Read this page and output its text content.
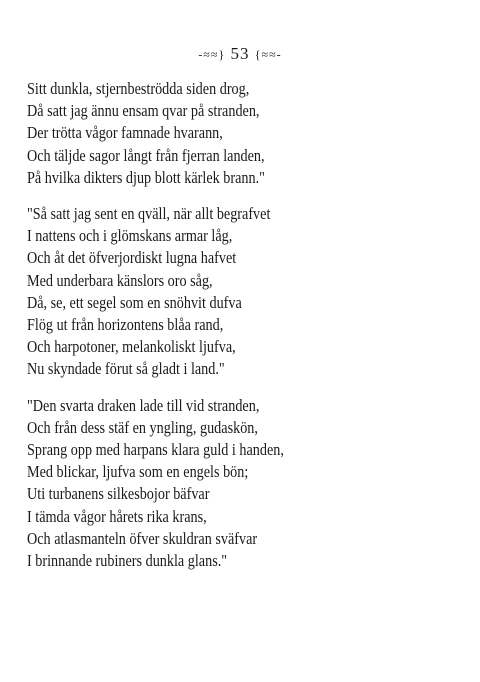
-≈≈} 53 {≈≈-
Sitt dunkla, stjernbeströdda siden drog,
Då satt jag ännu ensam qvar på stranden,
Der trötta vågor famnade hvarann,
Och täljde sagor långt från fjerran landen,
På hvilka dikters djup blott kärlek brann."
"Så satt jag sent en qväll, när allt begrafvet
I nattens och i glömskans armar låg,
Och åt det öfverjordiskt lugna hafvet
Med underbara känslors oro såg,
Då, se, ett segel som en snöhvit dufva
Flög ut från horizontens blåa rand,
Och harpotoner, melankoliskt ljufva,
Nu skyndade förut så gladt i land."
"Den svarta draken lade till vid stranden,
Och från dess stäf en yngling, gudaskön,
Sprang opp med harpans klara guld i handen,
Med blickar, ljufva som en engels bön;
Uti turbanens silkesbojor bäfvar
I tämda vågor hårets rika krans,
Och atlasmanteln öfver skuldran sväfvar
I brinnande rubiners dunkla glans."
